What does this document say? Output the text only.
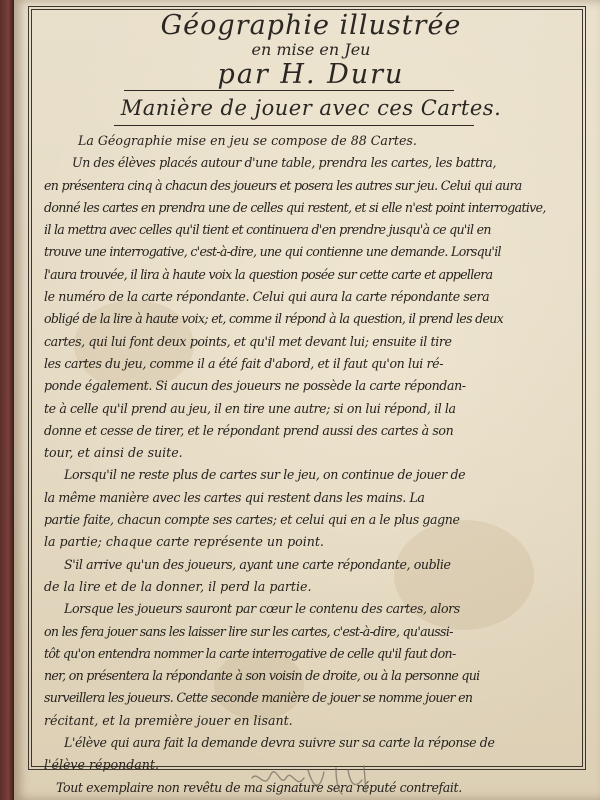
Géographie illustrée
en mise en Jeu
par H. Duru
Manière de jouer avec ces Cartes.
La Géographie mise en jeu se compose de 88 Cartes.
Un des élèves placés autour d'une table, prendra les cartes, les battra,
en présentera cinq à chacun des joueurs et posera les autres sur jeu. Celui qui aura
donné les cartes en prendra une de celles qui restent, et si elle n'est point interrogative,
il la mettra avec celles qu'il tient et continuera d'en prendre jusqu'à ce qu'il en
trouve une interrogative, c'est-à-dire, une qui contienne une demande. Lorsqu'il
l'aura trouvée, il lira à haute voix la question posée sur cette carte et appellera
le numéro de la carte répondante. Celui qui aura la carte répondante sera
obligé de la lire à haute voix; et, comme il répond à la question, il prend les deux
cartes, qui lui font deux points, et qu'il met devant lui; ensuite il tire
les cartes du jeu, comme il a été fait d'abord, et il faut qu'on lui ré-
ponde également. Si aucun des joueurs ne possède la carte répondan-
te à celle qu'il prend au jeu, il en tire une autre; si on lui répond, il la
donne et cesse de tirer, et le répondant prend aussi des cartes à son
tour, et ainsi de suite.
Lorsqu'il ne reste plus de cartes sur le jeu, on continue de jouer de
la même manière avec les cartes qui restent dans les mains. La
partie faite, chacun compte ses cartes; et celui qui en a le plus gagne
la partie; chaque carte représente un point.
S'il arrive qu'un des joueurs, ayant une carte répondante, oublie
de la lire et de la donner, il perd la partie.
Lorsque les joueurs sauront par cœur le contenu des cartes, alors
on les fera jouer sans les laisser lire sur les cartes, c'est-à-dire, qu'aussi-
tôt qu'on entendra nommer la carte interrogative de celle qu'il faut don-
ner, on présentera la répondante à son voisin de droite, ou à la personne qui
surveillera les joueurs. Cette seconde manière de jouer se nomme jouer en
récitant, et la première jouer en lisant.
L'élève qui aura fait la demande devra suivre sur sa carte la réponse de
l'élève répondant.
Tout exemplaire non revêtu de ma signature sera réputé contrefait.
